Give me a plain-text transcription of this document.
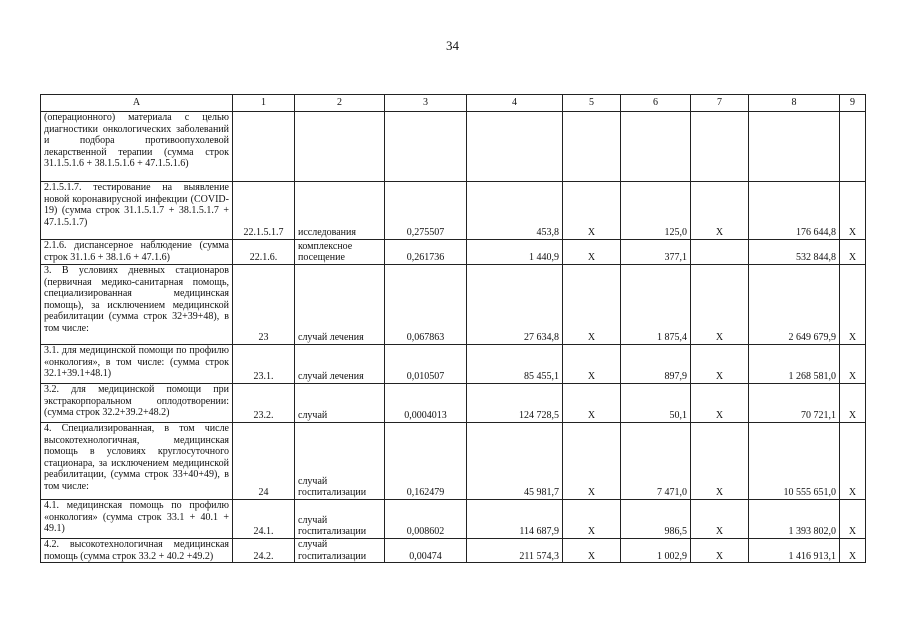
34
А	1	2	3	4	5	6	7	8	9
(операционного) материала с целью диагностики онкологических заболеваний и подбора противоопухолевой лекарственной терапии (сумма строк 31.1.5.1.6 + 38.1.5.1.6 + 47.1.5.1.6)									
2.1.5.1.7. тестирование на выявление новой коронавирусной инфекции (COVID-19) (сумма строк 31.1.5.1.7 + 38.1.5.1.7 + 47.1.5.1.7)	22.1.5.1.7	исследования	0,275507	453,8	Х	125,0	Х	176 644,8	Х
2.1.6. диспансерное наблюдение (сумма строк 31.1.6 + 38.1.6 + 47.1.6)	22.1.6.	комплексное посещение	0,261736	1 440,9	Х	377,1		532 844,8	Х
3. В условиях дневных стационаров (первичная медико-санитарная помощь, специализированная медицинская помощь), за исключением медицинской реабилитации (сумма строк 32+39+48), в том числе:	23	случай лечения	0,067863	27 634,8	Х	1 875,4	Х	2 649 679,9	Х
3.1. для медицинской помощи по профилю «онкология», в том числе: (сумма строк 32.1+39.1+48.1)	23.1.	случай лечения	0,010507	85 455,1	Х	897,9	Х	1 268 581,0	Х
3.2. для медицинской помощи при экстракорпоральном оплодотворении: (сумма строк 32.2+39.2+48.2)	23.2.	случай	0,0004013	124 728,5	Х	50,1	Х	70 721,1	Х
4. Специализированная, в том числе высокотехнологичная, медицинская помощь в условиях круглосуточного стационара, за исключением медицинской реабилитации, (сумма строк 33+40+49), в том числе:	24	случай госпитализации	0,162479	45 981,7	Х	7 471,0	Х	10 555 651,0	Х
4.1. медицинская помощь по профилю «онкология» (сумма строк 33.1 + 40.1 + 49.1)	24.1.	случай госпитализации	0,008602	114 687,9	Х	986,5	Х	1 393 802,0	Х
4.2. высокотехнологичная медицинская помощь (сумма строк 33.2 + 40.2 +49.2)	24.2.	случай госпитализации	0,00474	211 574,3	Х	1 002,9	Х	1 416 913,1	Х
